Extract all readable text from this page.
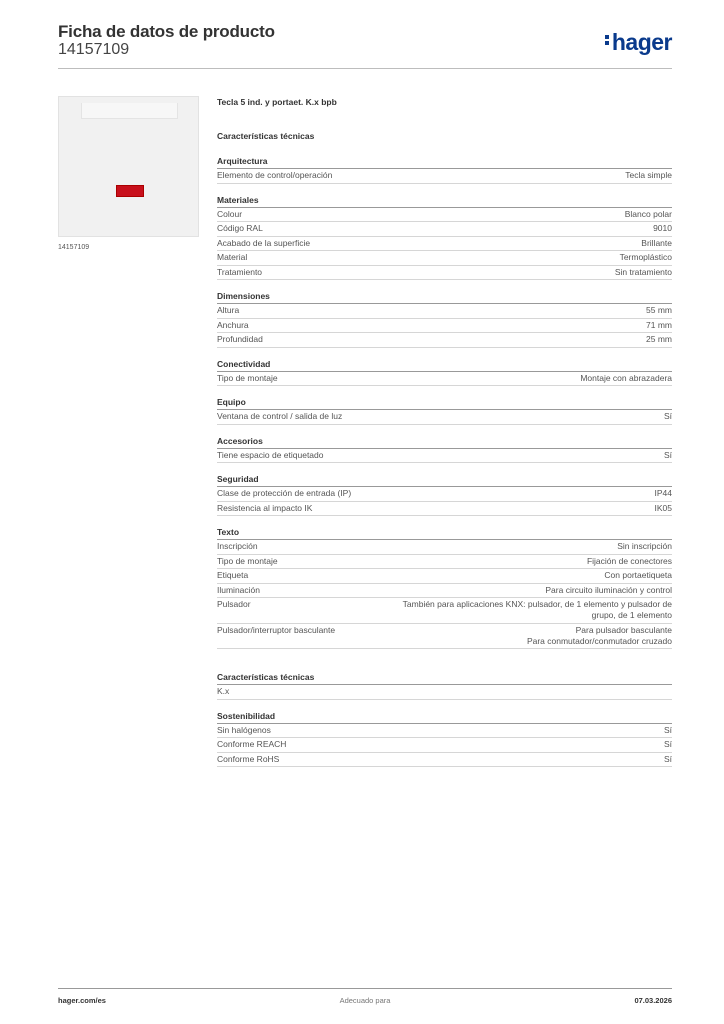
Ficha de datos de producto
14157109	hager
14157109
Tecla 5 ind. y portaet. K.x bpb
Características técnicas
Arquitectura
Elemento de control/operación	Tecla simple
Materiales
Colour	Blanco polar
Código RAL	9010
Acabado de la superficie	Brillante
Material	Termoplástico
Tratamiento	Sin tratamiento
Dimensiones
Altura	55 mm
Anchura	71 mm
Profundidad	25 mm
Conectividad
Tipo de montaje	Montaje con abrazadera
Equipo
Ventana de control / salida de luz	Sí
Accesorios
Tiene espacio de etiquetado	Sí
Seguridad
Clase de protección de entrada (IP)	IP44
Resistencia al impacto IK	IK05
Texto
Inscripción	Sin inscripción
Tipo de montaje	Fijación de conectores
Etiqueta	Con portaetiqueta
Iluminación	Para circuito iluminación y control
Pulsador	También para aplicaciones KNX: pulsador, de 1 elemento y pulsador de
grupo, de 1 elemento
Pulsador/interruptor basculante	Para pulsador basculante
Para conmutador/conmutador cruzado
Características técnicas
K.x
Sostenibilidad
Sin halógenos	Sí
Conforme REACH	Sí
Conforme RoHS	Sí
hager.com/es	Adecuado para	07.03.2026
